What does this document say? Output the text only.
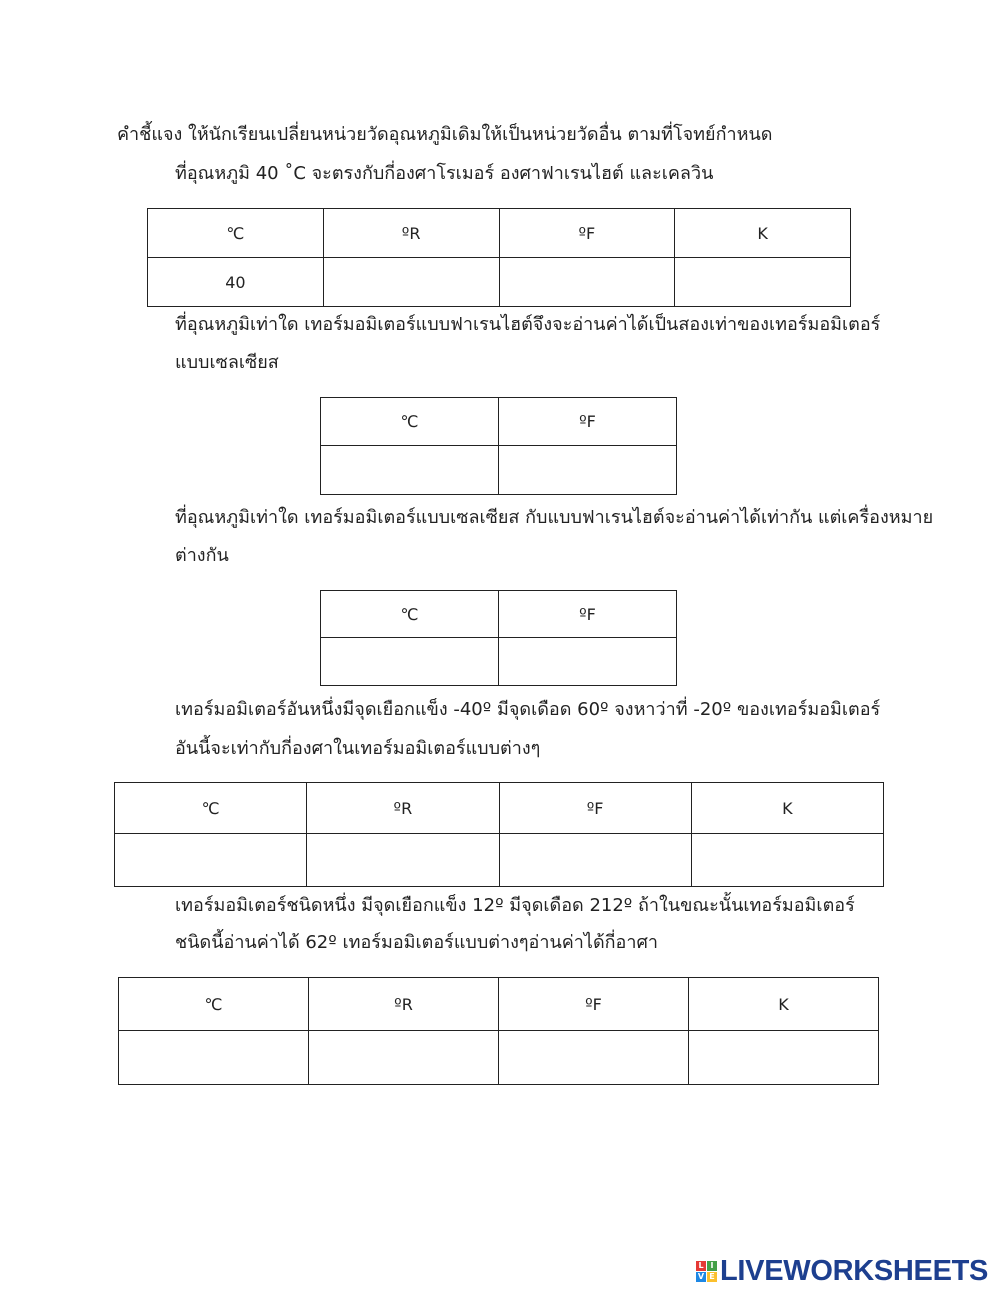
คำชี้แจง ให้นักเรียนเปลี่ยนหน่วยวัดอุณหภูมิเดิมให้เป็นหน่วยวัดอื่น ตามที่โจทย์กำหนด

ที่อุณหภูมิ 40 ˚C จะตรงกับกี่องศาโรเมอร์ องศาฟาเรนไฮต์ และเคลวิน

℃	ºR	ºF	K
40			

ที่อุณหภูมิเท่าใด เทอร์มอมิเตอร์แบบฟาเรนไฮต์จึงจะอ่านค่าได้เป็นสองเท่าของเทอร์มอมิเตอร์

แบบเซลเซียส

℃	ºF

ที่อุณหภูมิเท่าใด เทอร์มอมิเตอร์แบบเซลเซียส กับแบบฟาเรนไฮต์จะอ่านค่าได้เท่ากัน แต่เครื่องหมาย

ต่างกัน

℃	ºF

เทอร์มอมิเตอร์อันหนึ่งมีจุดเยือกแข็ง -40º มีจุดเดือด 60º จงหาว่าที่ -20º ของเทอร์มอมิเตอร์

อันนี้จะเท่ากับกี่องศาในเทอร์มอมิเตอร์แบบต่างๆ

℃	ºR	ºF	K

เทอร์มอมิเตอร์ชนิดหนึ่ง มีจุดเยือกแข็ง 12º มีจุดเดือด 212º ถ้าในขณะนั้นเทอร์มอมิเตอร์

ชนิดนี้อ่านค่าได้ 62º เทอร์มอมิเตอร์แบบต่างๆอ่านค่าได้กี่อาศา

℃	ºR	ºF	K

L I
V E LIVEWORKSHEETS
